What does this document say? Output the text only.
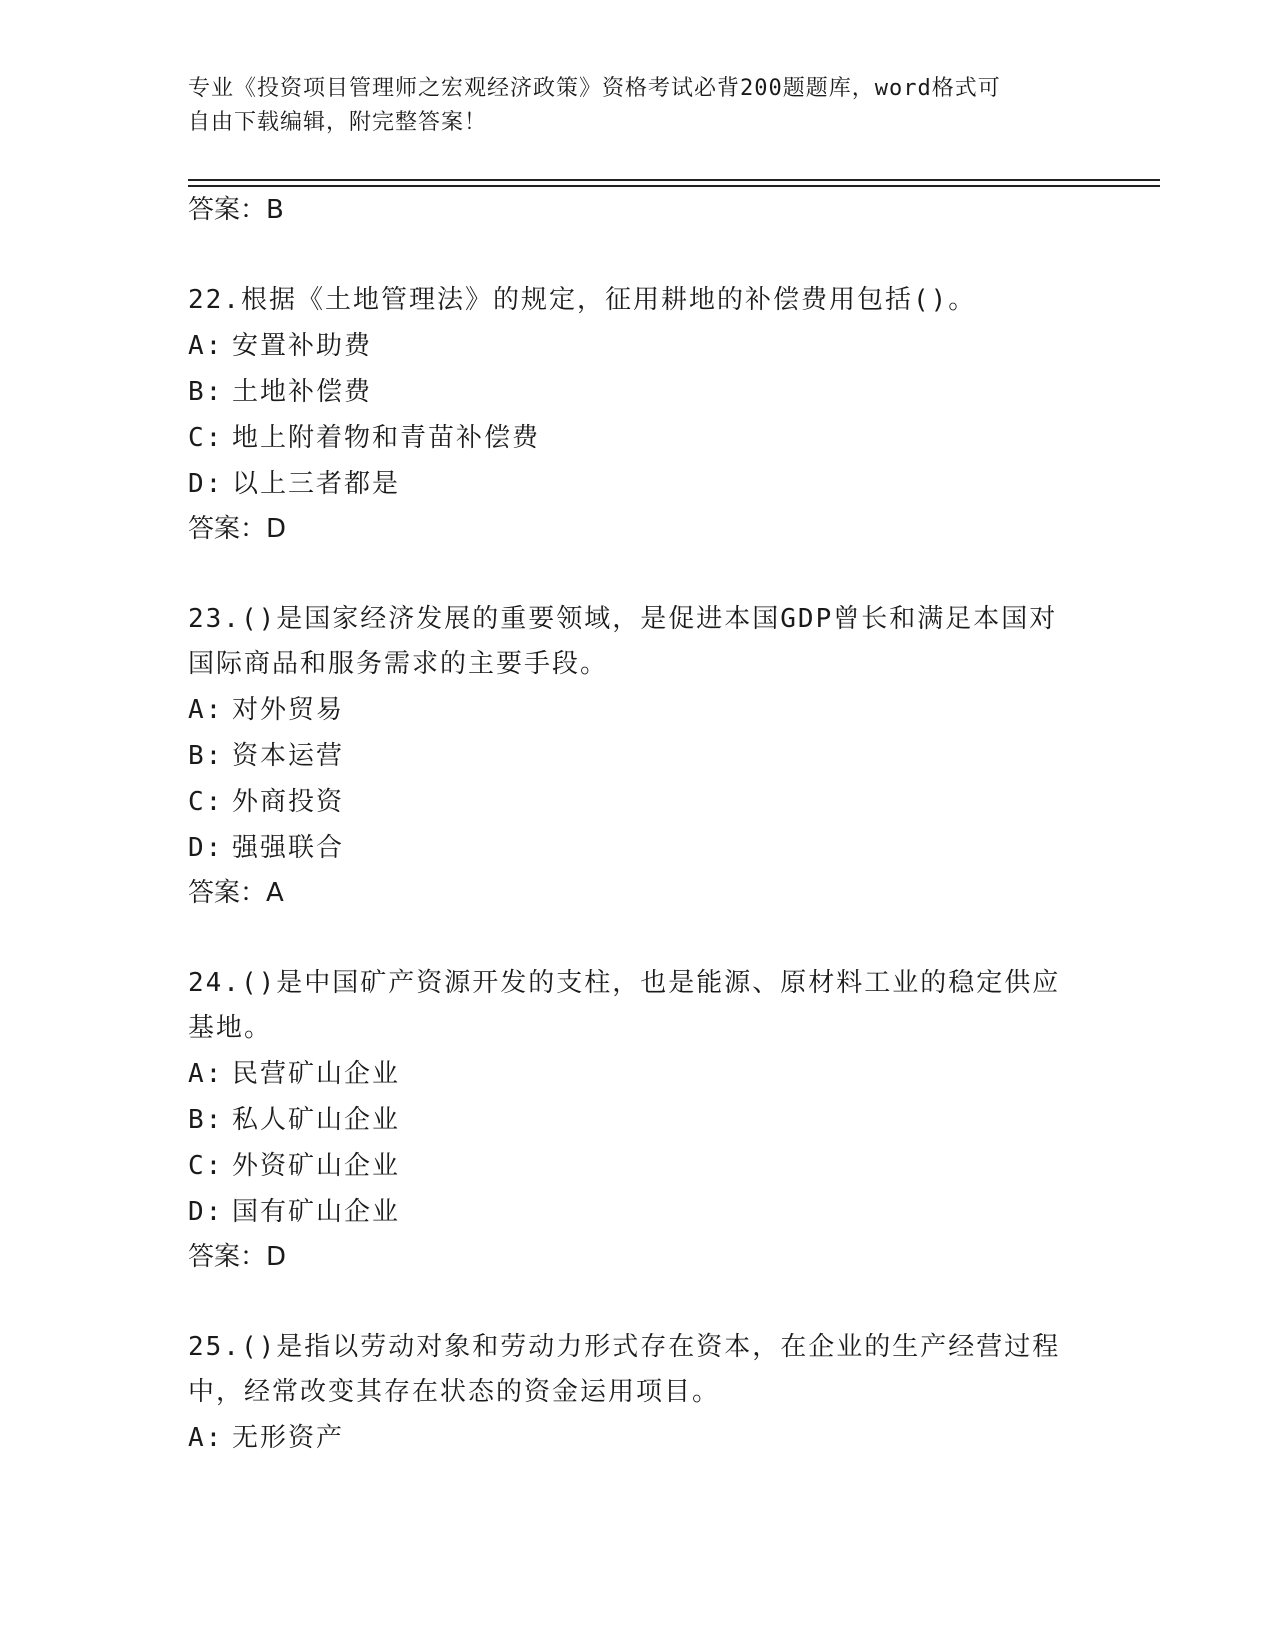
专业《投资项目管理师之宏观经济政策》资格考试必背200题题库，word格式可
自由下载编辑，附完整答案！

答案：B

22.根据《土地管理法》的规定，征用耕地的补偿费用包括()。

A: 安置补助费

B: 土地补偿费

C: 地上附着物和青苗补偿费

D: 以上三者都是

答案：D

23.()是国家经济发展的重要领域，是促进本国GDP曾长和满足本国对
国际商品和服务需求的主要手段。

A: 对外贸易

B: 资本运营

C: 外商投资

D: 强强联合

答案：A

24.()是中国矿产资源开发的支柱，也是能源、原材料工业的稳定供应
基地。

A: 民营矿山企业

B: 私人矿山企业

C: 外资矿山企业

D: 国有矿山企业

答案：D

25.()是指以劳动对象和劳动力形式存在资本，在企业的生产经营过程
中，经常改变其存在状态的资金运用项目。

A: 无形资产
